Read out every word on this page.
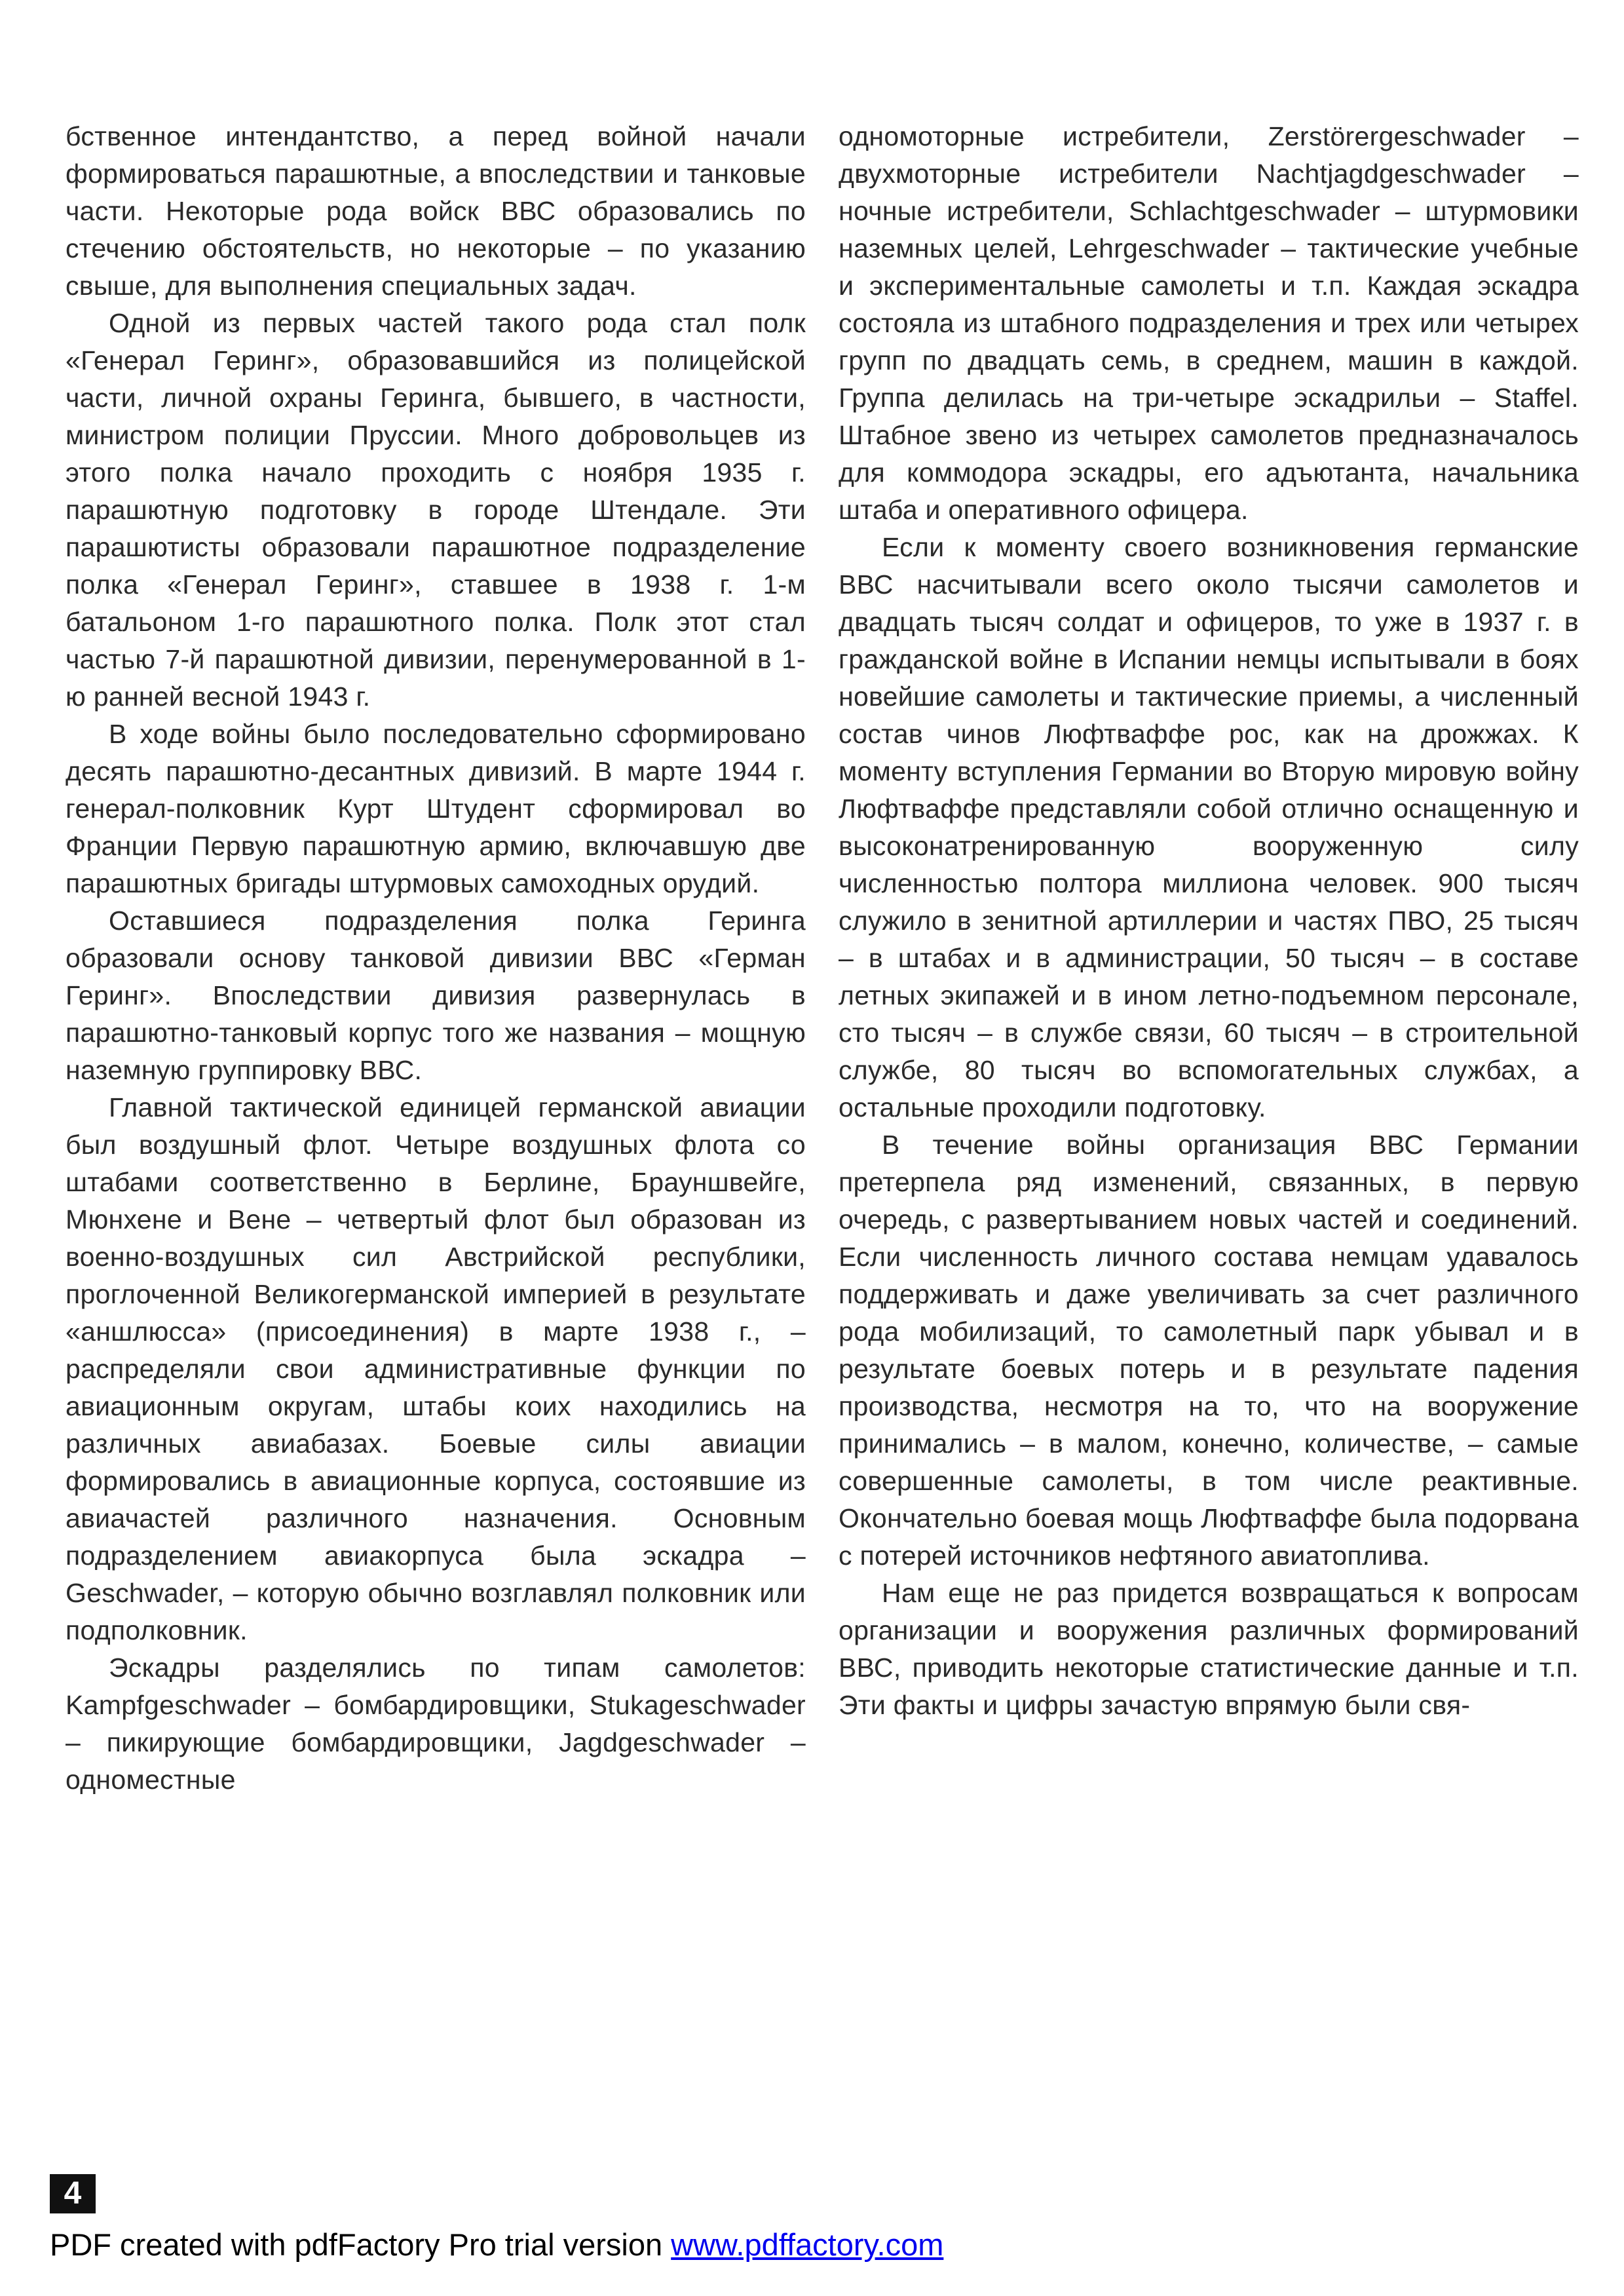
бственное интендантство, а перед войной начали формироваться парашютные, а впоследствии и танковые части. Некоторые рода войск ВВС образовались по стечению обстоятельств, но некоторые – по указанию свыше, для выполнения специальных задач.

Одной из первых частей такого рода стал полк «Генерал Геринг», образовавшийся из полицейской части, личной охраны Геринга, бывшего, в частности, министром полиции Пруссии. Много добровольцев из этого полка начало проходить с ноября 1935 г. парашютную подготовку в городе Штендале. Эти парашютисты образовали парашютное подразделение полка «Генерал Геринг», ставшее в 1938 г. 1-м батальоном 1-го парашютного полка. Полк этот стал частью 7-й парашютной дивизии, перенумерованной в 1-ю ранней весной 1943 г.

В ходе войны было последовательно сформировано десять парашютно-десантных дивизий. В марте 1944 г. генерал-полковник Курт Штудент сформировал во Франции Первую парашютную армию, включавшую две парашютных бригады штурмовых самоходных орудий.

Оставшиеся подразделения полка Геринга образовали основу танковой дивизии ВВС «Герман Геринг». Впоследствии дивизия развернулась в парашютно-танковый корпус того же названия – мощную наземную группировку ВВС.

Главной тактической единицей германской авиации был воздушный флот. Четыре воздушных флота со штабами соответственно в Берлине, Брауншвейге, Мюнхене и Вене – четвертый флот был образован из военно-воздушных сил Австрийской республики, проглоченной Великогерманской империей в результате «аншлюсса» (присоединения) в марте 1938 г., – распределяли свои административные функции по авиационным округам, штабы коих находились на различных авиабазах. Боевые силы авиации формировались в авиационные корпуса, состоявшие из авиачастей различного назначения. Основным подразделением авиакорпуса была эскадра – Geschwader, – которую обычно возглавлял полковник или подполковник.

Эскадры разделялись по типам самолетов: Kampfgeschwader – бомбардировщики, Stukageschwader – пикирующие бомбардировщики, Jagdgeschwader – одноместные

одномоторные истребители, Zerstörergeschwader – двухмоторные истребители Nachtjagdgeschwader – ночные истребители, Schlachtgeschwader – штурмовики наземных целей, Lehrgeschwader – тактические учебные и экспериментальные самолеты и т.п. Каждая эскадра состояла из штабного подразделения и трех или четырех групп по двадцать семь, в среднем, машин в каждой. Группа делилась на три-четыре эскадрильи – Staffel. Штабное звено из четырех самолетов предназначалось для коммодора эскадры, его адъютанта, начальника штаба и оперативного офицера.

Если к моменту своего возникновения германские ВВС насчитывали всего около тысячи самолетов и двадцать тысяч солдат и офицеров, то уже в 1937 г. в гражданской войне в Испании немцы испытывали в боях новейшие самолеты и тактические приемы, а численный состав чинов Люфтваффе рос, как на дрожжах. К моменту вступления Германии во Вторую мировую войну Люфтваффе представляли собой отлично оснащенную и высоконатренированную вооруженную силу численностью полтора миллиона человек. 900 тысяч служило в зенитной артиллерии и частях ПВО, 25 тысяч – в штабах и в администрации, 50 тысяч – в составе летных экипажей и в ином летно-подъемном персонале, сто тысяч – в службе связи, 60 тысяч – в строительной службе, 80 тысяч во вспомогательных службах, а остальные проходили подготовку.

В течение войны организация ВВС Германии претерпела ряд изменений, связанных, в первую очередь, с развертыванием новых частей и соединений. Если численность личного состава немцам удавалось поддерживать и даже увеличивать за счет различного рода мобилизаций, то самолетный парк убывал и в результате боевых потерь и в результате падения производства, несмотря на то, что на вооружение принимались – в малом, конечно, количестве, – самые совершенные самолеты, в том числе реактивные. Окончательно боевая мощь Люфтваффе была подорвана с потерей источников нефтяного авиатоплива.

Нам еще не раз придется возвращаться к вопросам организации и вооружения различных формирований ВВС, приводить некоторые статистические данные и т.п. Эти факты и цифры зачастую впрямую были свя-

4
PDF created with pdfFactory Pro trial version www.pdffactory.com
